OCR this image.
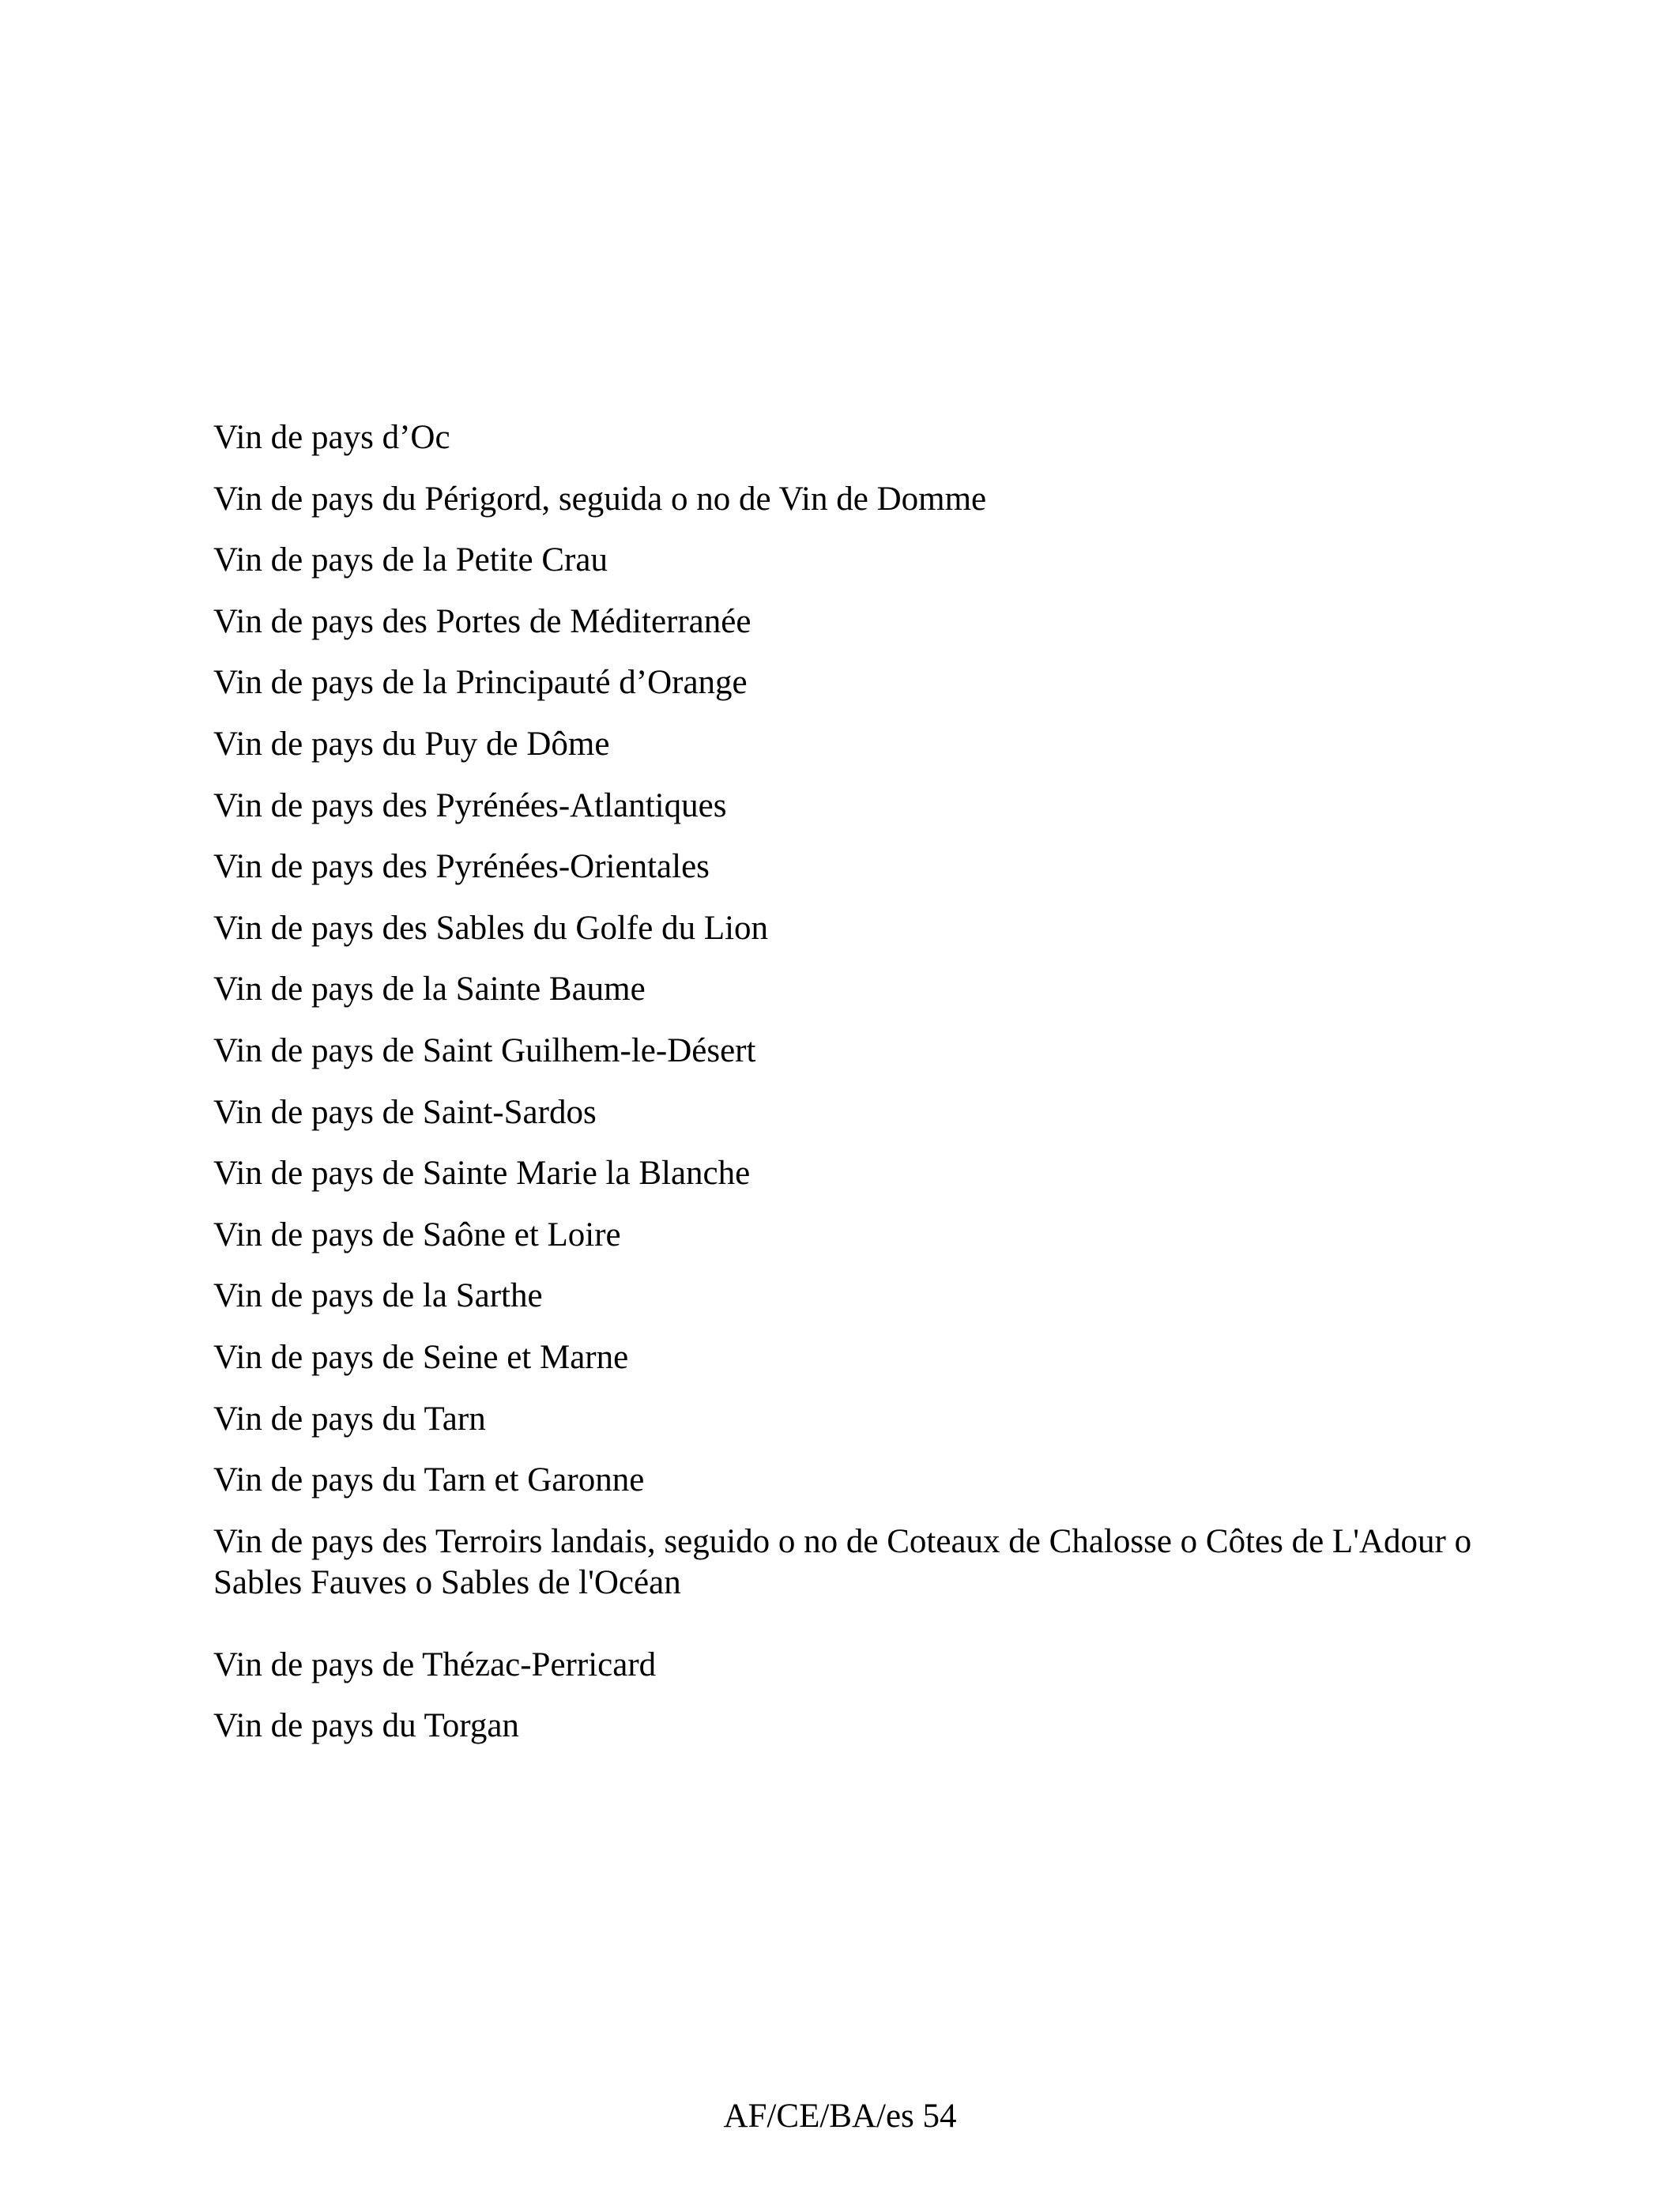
Vin de pays d’Oc
Vin de pays du Périgord, seguida o no de Vin de Domme
Vin de pays de la Petite Crau
Vin de pays des Portes de Méditerranée
Vin de pays de la Principauté d’Orange
Vin de pays du Puy de Dôme
Vin de pays des Pyrénées-Atlantiques
Vin de pays des Pyrénées-Orientales
Vin de pays des Sables du Golfe du Lion
Vin de pays de la Sainte Baume
Vin de pays de Saint Guilhem-le-Désert
Vin de pays de Saint-Sardos
Vin de pays de Sainte Marie la Blanche
Vin de pays de Saône et Loire
Vin de pays de la Sarthe
Vin de pays de Seine et Marne
Vin de pays du Tarn
Vin de pays du Tarn et Garonne
Vin de pays des Terroirs landais, seguido o no de Coteaux de Chalosse o Côtes de L'Adour o Sables Fauves o Sables de l'Océan
Vin de pays de Thézac-Perricard
Vin de pays du Torgan
AF/CE/BA/es 54
